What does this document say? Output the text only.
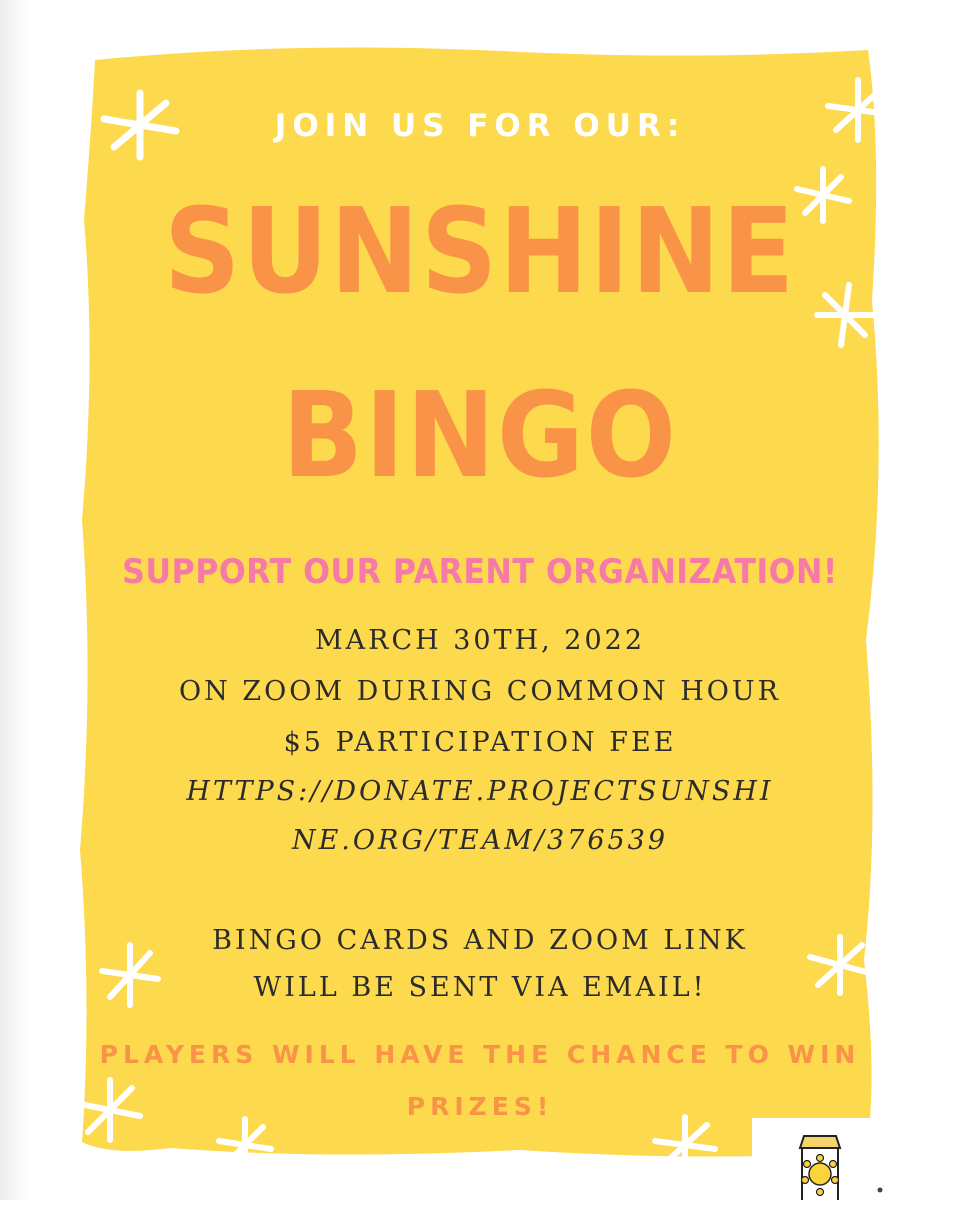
JOIN US FOR OUR:

SUNSHINE

BINGO

SUPPORT OUR PARENT ORGANIZATION!

MARCH 30TH, 2022

ON ZOOM DURING COMMON HOUR

$5 PARTICIPATION FEE

HTTPS://DONATE.PROJECTSUNSHI

NE.ORG/TEAM/376539

BINGO CARDS AND ZOOM LINK

WILL BE SENT VIA EMAIL!

PLAYERS WILL HAVE THE CHANCE TO WIN

PRIZES!
